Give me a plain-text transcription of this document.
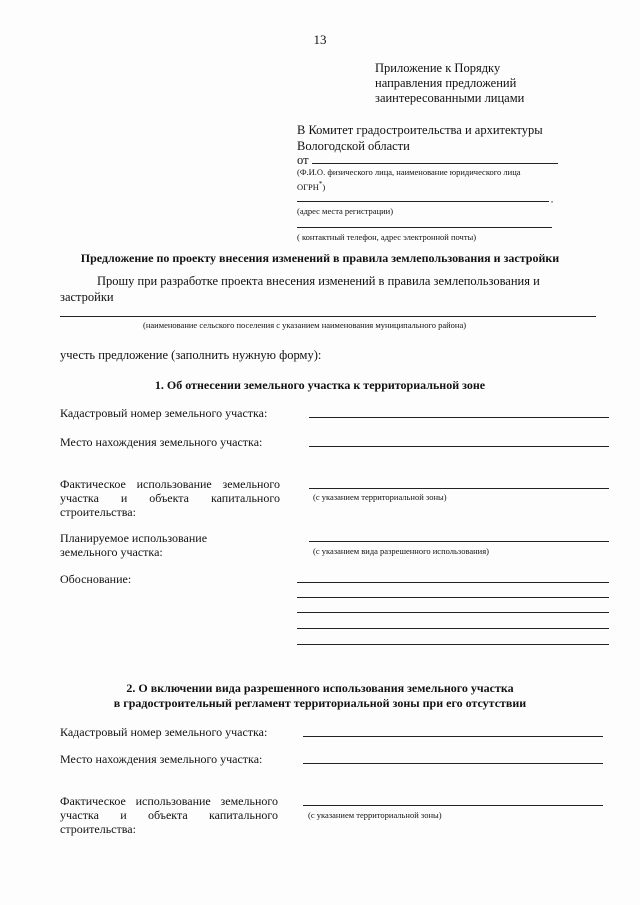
13
Приложение к Порядку
направления предложений
заинтересованными лицами
В Комитет градостроительства и архитектуры
Вологодской области
от
(Ф.И.О. физического лица, наименование юридического лица
ОГРН*)
,
(адрес места регистрации)
( контактный телефон, адрес электронной почты)
Предложение по проекту внесения изменений в правила землепользования и застройки
Прошу при разработке проекта внесения изменений в правила землепользования и
застройки
(наименование сельского поселения с указанием наименования муниципального района)
учесть предложение (заполнить нужную форму):
1. Об отнесении земельного участка к территориальной зоне
Кадастровый номер земельного участка:
Место нахождения земельного участка:
Фактическое использование земельного
участка и объекта капитального
строительства:
(с указанием территориальной зоны)
Планируемое использование
земельного участка:	(с указанием вида разрешенного использования)
Обоснование:
2. О включении вида разрешенного использования земельного участка
в градостроительный регламент территориальной зоны при его отсутствии
Кадастровый номер земельного участка:
Место нахождения земельного участка:
Фактическое использование земельного
участка и объекта капитального
строительства:
(с указанием территориальной зоны)
